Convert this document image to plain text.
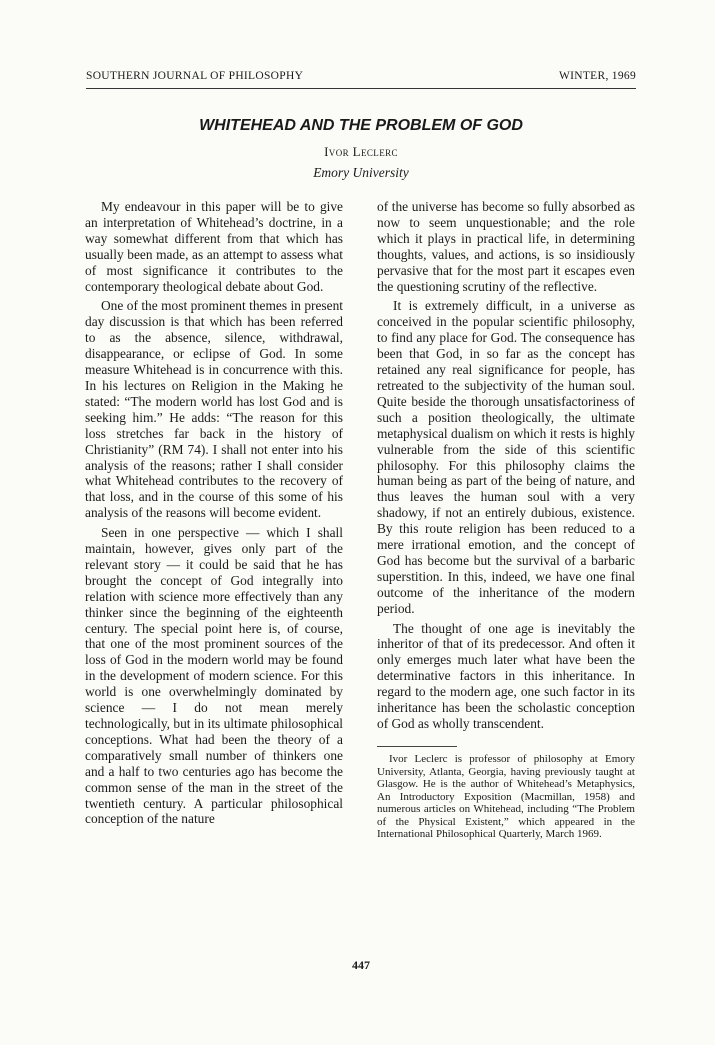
SOUTHERN JOURNAL OF PHILOSOPHY	WINTER, 1969
WHITEHEAD AND THE PROBLEM OF GOD
Ivor Leclerc
Emory University

My endeavour in this paper will be to give an interpretation of Whitehead’s doctrine, in a way somewhat different from that which has usually been made, as an attempt to assess what of most significance it contributes to the contemporary theological debate about God.

One of the most prominent themes in present day discussion is that which has been referred to as the absence, silence, withdrawal, disappearance, or eclipse of God. In some measure Whitehead is in concurrence with this. In his lectures on Religion in the Making he stated: “The modern world has lost God and is seeking him.” He adds: “The reason for this loss stretches far back in the history of Christianity” (RM 74). I shall not enter into his analysis of the reasons; rather I shall consider what Whitehead contributes to the recovery of that loss, and in the course of this some of his analysis of the reasons will become evident.

Seen in one perspective — which I shall maintain, however, gives only part of the relevant story — it could be said that he has brought the concept of God integrally into relation with science more effectively than any thinker since the beginning of the eighteenth century. The special point here is, of course, that one of the most prominent sources of the loss of God in the modern world may be found in the development of modern science. For this world is one overwhelmingly dominated by science — I do not mean merely technologically, but in its ultimate philosophical conceptions. What had been the theory of a comparatively small number of thinkers one and a half to two centuries ago has become the common sense of the man in the street of the twentieth century. A particular philosophical conception of the nature

of the universe has become so fully absorbed as now to seem unquestionable; and the role which it plays in practical life, in determining thoughts, values, and actions, is so insidiously pervasive that for the most part it escapes even the questioning scrutiny of the reflective.

It is extremely difficult, in a universe as conceived in the popular scientific philosophy, to find any place for God. The consequence has been that God, in so far as the concept has retained any real significance for people, has retreated to the subjectivity of the human soul. Quite beside the thorough unsatisfactoriness of such a position theologically, the ultimate metaphysical dualism on which it rests is highly vulnerable from the side of this scientific philosophy. For this philosophy claims the human being as part of the being of nature, and thus leaves the human soul with a very shadowy, if not an entirely dubious, existence. By this route religion has been reduced to a mere irrational emotion, and the concept of God has become but the survival of a barbaric superstition. In this, indeed, we have one final outcome of the inheritance of the modern period.

The thought of one age is inevitably the inheritor of that of its predecessor. And often it only emerges much later what have been the determinative factors in this inheritance. In regard to the modern age, one such factor in its inheritance has been the scholastic conception of God as wholly transcendent.

Ivor Leclerc is professor of philosophy at Emory University, Atlanta, Georgia, having previously taught at Glasgow. He is the author of Whitehead’s Metaphysics, An Introductory Exposition (Macmillan, 1958) and numerous articles on Whitehead, including “The Problem of the Physical Existent,” which appeared in the International Philosophical Quarterly, March 1969.

447
